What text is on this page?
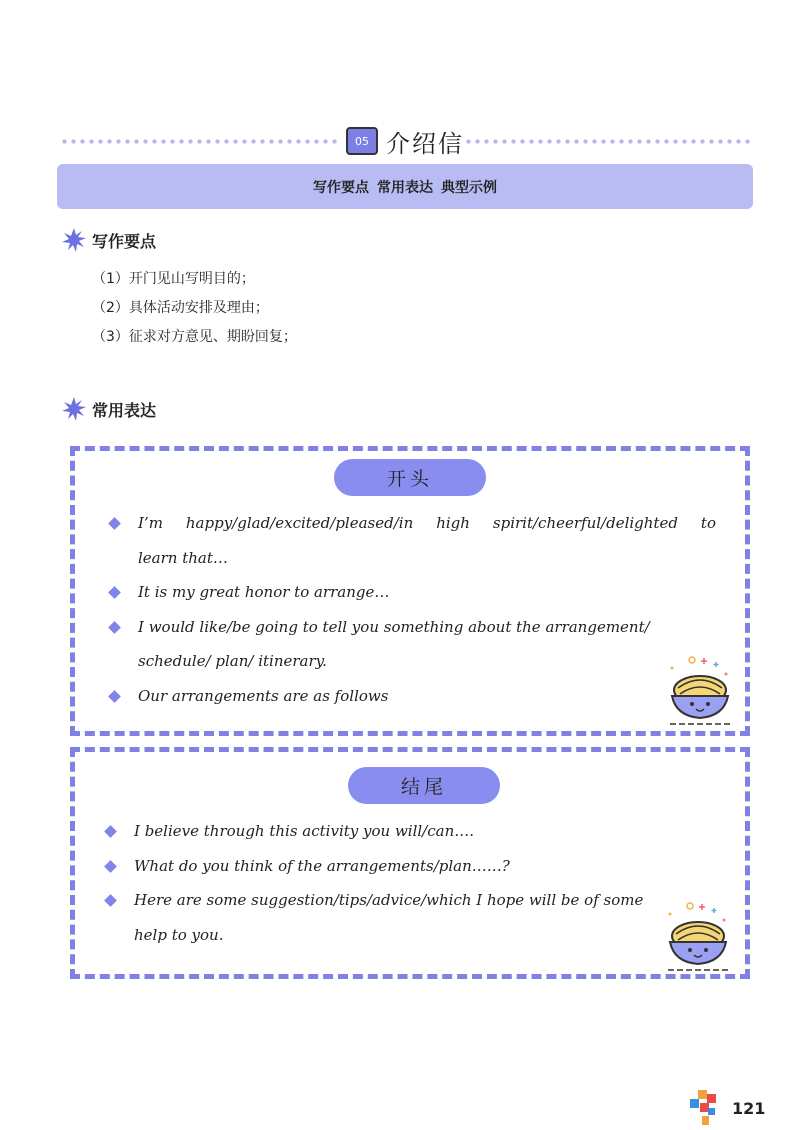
05 介绍信
写作要点 常用表达 典型示例
写作要点
（1）开门见山写明目的；
（2）具体活动安排及理由；
（3）征求对方意见、期盼回复；
常用表达
开头
I’m happy/glad/excited/pleased/in high spirit/cheerful/delighted to
learn that…
It is my great honor to arrange…
I would like/be going to tell you something about the arrangement/
schedule/ plan/ itinerary.
Our arrangements are as follows
结尾
I believe through this activity you will/can….
What do you think of the arrangements/plan……?
Here are some suggestion/tips/advice/which I hope will be of some
help to you.
121
